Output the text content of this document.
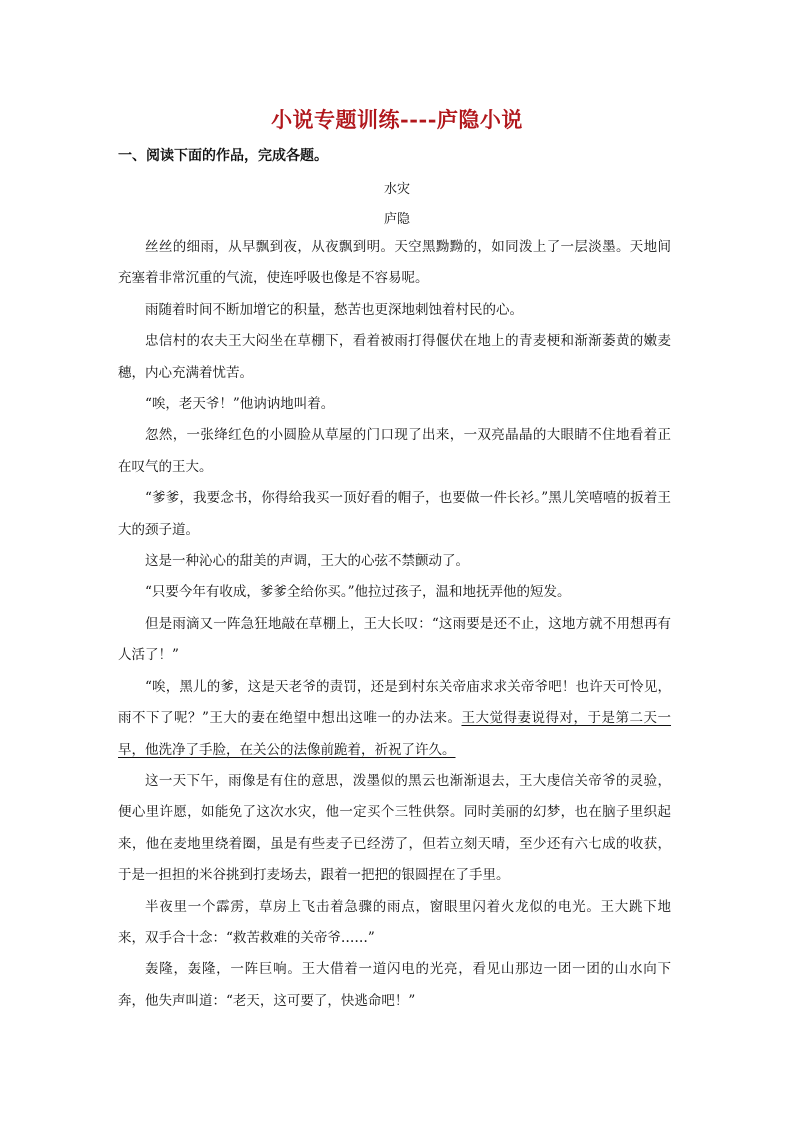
小说专题训练----庐隐小说
一、阅读下面的作品，完成各题。
水灾
庐隐

丝丝的细雨，从早飘到夜，从夜飘到明。天空黑黝黝的，如同泼上了一层淡墨。天地间充塞着非常沉重的气流，使连呼吸也像是不容易呢。

雨随着时间不断加增它的积量，愁苦也更深地刺蚀着村民的心。

忠信村的农夫王大闷坐在草棚下，看着被雨打得偃伏在地上的青麦梗和渐渐萎黄的嫩麦穗，内心充满着忧苦。

“唉，老天爷！”他讷讷地叫着。

忽然，一张绛红色的小圆脸从草屋的门口现了出来，一双亮晶晶的大眼睛不住地看着正在叹气的王大。

“爹爹，我要念书，你得给我买一顶好看的帽子，也要做一件长衫。”黑儿笑嘻嘻的扳着王大的颈子道。

这是一种沁心的甜美的声调，王大的心弦不禁颤动了。

“只要今年有收成，爹爹全给你买。”他拉过孩子，温和地抚弄他的短发。

但是雨滴又一阵急狂地敲在草棚上，王大长叹：“这雨要是还不止，这地方就不用想再有人活了！”

“唉，黑儿的爹，这是天老爷的责罚，还是到村东关帝庙求求关帝爷吧！也许天可怜见，雨不下了呢？”王大的妻在绝望中想出这唯一的办法来。王大觉得妻说得对，于是第二天一早，他洗净了手脸，在关公的法像前跪着，祈祝了许久。

这一天下午，雨像是有住的意思，泼墨似的黑云也渐渐退去，王大虔信关帝爷的灵验，便心里许愿，如能免了这次水灾，他一定买个三牲供祭。同时美丽的幻梦，也在脑子里织起来，他在麦地里绕着圈，虽是有些麦子已经涝了，但若立刻天晴，至少还有六七成的收获，于是一担担的米谷挑到打麦场去，跟着一把把的银圆捏在了手里。

半夜里一个霹雳，草房上飞击着急骤的雨点，窗眼里闪着火龙似的电光。王大跳下地来，双手合十念：“救苦救难的关帝爷……”

轰隆，轰隆，一阵巨响。王大借着一道闪电的光亮，看见山那边一团一团的山水向下奔，他失声叫道：“老天，这可要了，快逃命吧！”
